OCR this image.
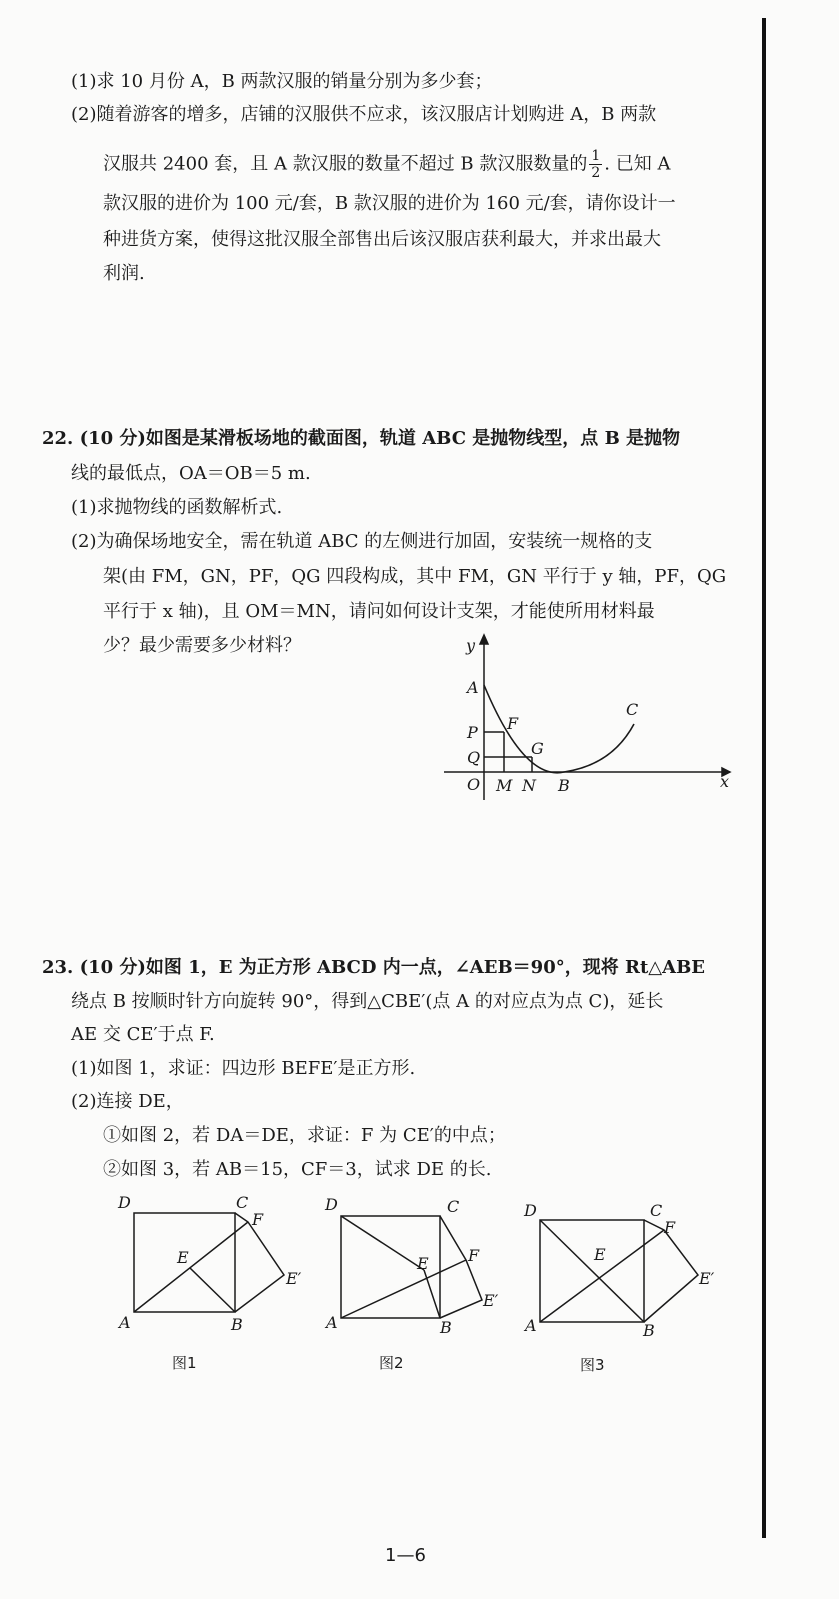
(1)求 10 月份 A，B 两款汉服的销量分别为多少套；
(2)随着游客的增多，店铺的汉服供不应求，该汉服店计划购进 A，B 两款
汉服共 2400 套，且 A 款汉服的数量不超过 B 款汉服数量的 $\frac{1}{2}$ . 已知 A
款汉服的进价为 100 元/套，B 款汉服的进价为 160 元/套，请你设计一
种进货方案，使得这批汉服全部售出后该汉服店获利最大，并求出最大
利润.
22. (10 分)如图是某滑板场地的截面图，轨道 ABC 是抛物线型，点 B 是抛物
线的最低点，OA＝OB＝5 m.
(1)求抛物线的函数解析式.
(2)为确保场地安全，需在轨道 ABC 的左侧进行加固，安装统一规格的支
架(由 FM，GN，PF，QG 四段构成，其中 FM，GN 平行于 y 轴，PF，QG
平行于 x 轴)，且 OM＝MN，请问如何设计支架，才能使所用材料最
少？最少需要多少材料？	y
x
A
P F
Q	G
O M N B
C
23. (10 分)如图 1，E 为正方形 ABCD 内一点，∠AEB＝90°，现将 Rt△ABE
绕点 B 按顺时针方向旋转 90°，得到△CBE′(点 A 的对应点为点 C)，延长
AE 交 CE′于点 F.
(1)如图 1，求证：四边形 BEFE′是正方形.
(2)连接 DE，
①如图 2，若 DA＝DE，求证：F 为 CE′的中点；
②如图 3，若 AB＝15，CF＝3，试求 DE 的长.
D	C
F
E
E′
A	B
图1
D	C
F
E
E′
A	B
图2
D	C
F
E
E′
A	B
图3
1—6
